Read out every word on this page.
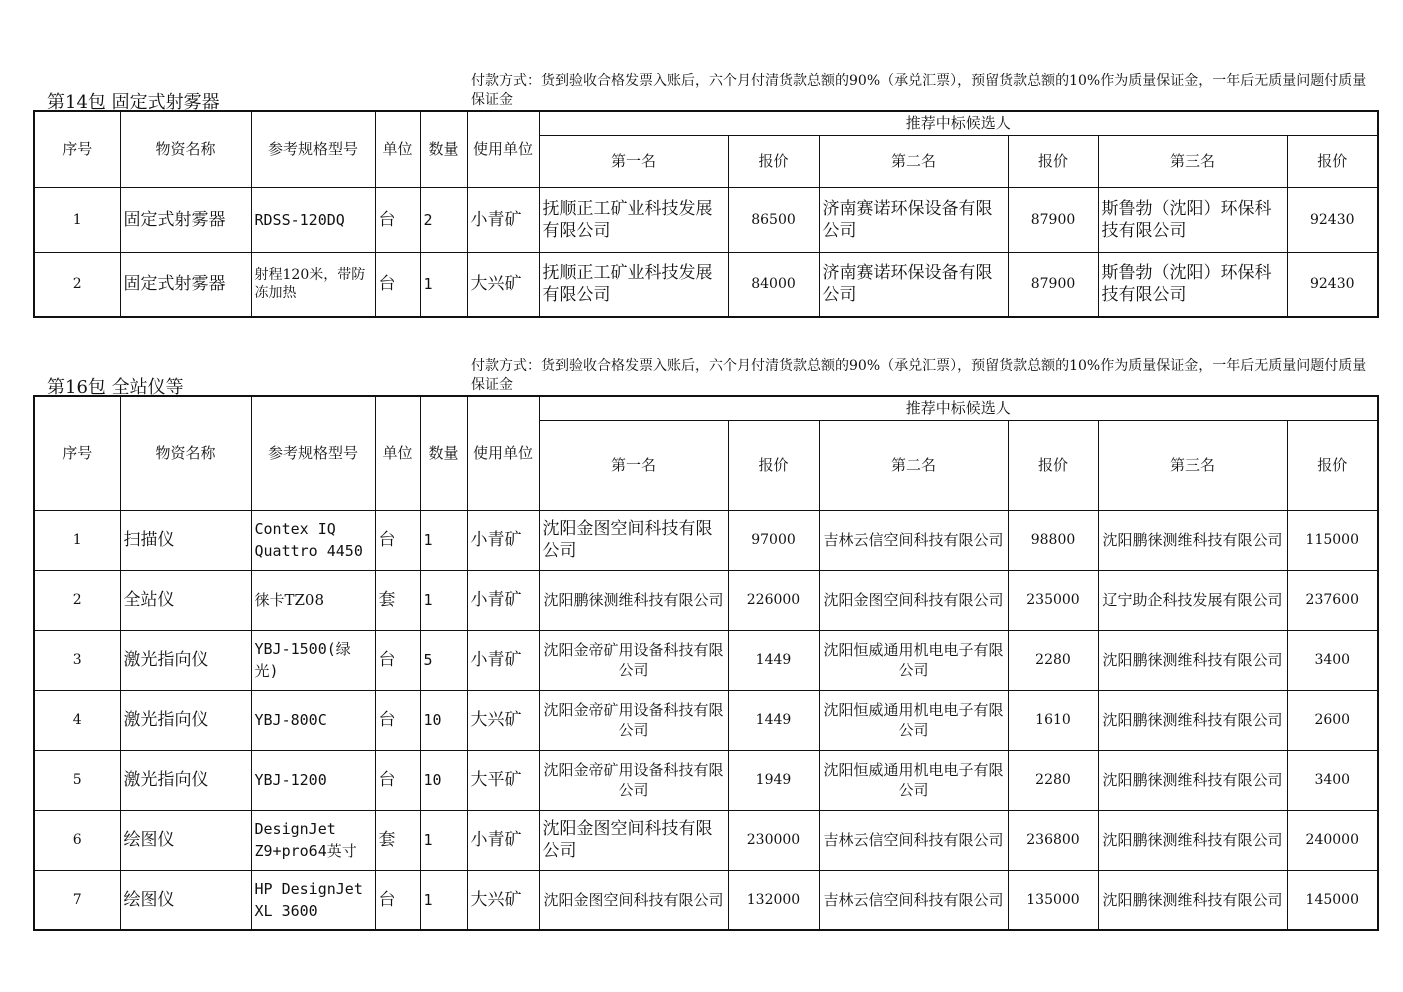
第14包 固定式射雾器
付款方式：货到验收合格发票入账后，六个月付清货款总额的90%（承兑汇票），预留货款总额的10%作为质量保证金，一年后无质量问题付质量保证金
序号	物资名称	参考规格型号	单位	数量	使用单位	推荐中标候选人					
						第一名	报价	第二名	报价	第三名	报价
1	固定式射雾器	RDSS-120DQ	台	2	小青矿	抚顺正工矿业科技发展有限公司	86500	济南赛诺环保设备有限公司	87900	斯鲁勃（沈阳）环保科技有限公司	92430
2	固定式射雾器	射程120米，带防冻加热	台	1	大兴矿	抚顺正工矿业科技发展有限公司	84000	济南赛诺环保设备有限公司	87900	斯鲁勃（沈阳）环保科技有限公司	92430
第16包 全站仪等
付款方式：货到验收合格发票入账后，六个月付清货款总额的90%（承兑汇票），预留货款总额的10%作为质量保证金，一年后无质量问题付质量保证金
序号	物资名称	参考规格型号	单位	数量	使用单位	推荐中标候选人					
						第一名	报价	第二名	报价	第三名	报价
1	扫描仪	Contex IQ Quattro 4450	台	1	小青矿	沈阳金图空间科技有限公司	97000	吉林云信空间科技有限公司	98800	沈阳鹏徕测维科技有限公司	115000
2	全站仪	徕卡TZ08	套	1	小青矿	沈阳鹏徕测维科技有限公司	226000	沈阳金图空间科技有限公司	235000	辽宁助企科技发展有限公司	237600
3	激光指向仪	YBJ-1500(绿光)	台	5	小青矿	沈阳金帝矿用设备科技有限公司	1449	沈阳恒威通用机电电子有限公司	2280	沈阳鹏徕测维科技有限公司	3400
4	激光指向仪	YBJ-800C	台	10	大兴矿	沈阳金帝矿用设备科技有限公司	1449	沈阳恒威通用机电电子有限公司	1610	沈阳鹏徕测维科技有限公司	2600
5	激光指向仪	YBJ-1200	台	10	大平矿	沈阳金帝矿用设备科技有限公司	1949	沈阳恒威通用机电电子有限公司	2280	沈阳鹏徕测维科技有限公司	3400
6	绘图仪	DesignJet Z9+pro64英寸	套	1	小青矿	沈阳金图空间科技有限公司	230000	吉林云信空间科技有限公司	236800	沈阳鹏徕测维科技有限公司	240000
7	绘图仪	HP DesignJet XL 3600	台	1	大兴矿	沈阳金图空间科技有限公司	132000	吉林云信空间科技有限公司	135000	沈阳鹏徕测维科技有限公司	145000
